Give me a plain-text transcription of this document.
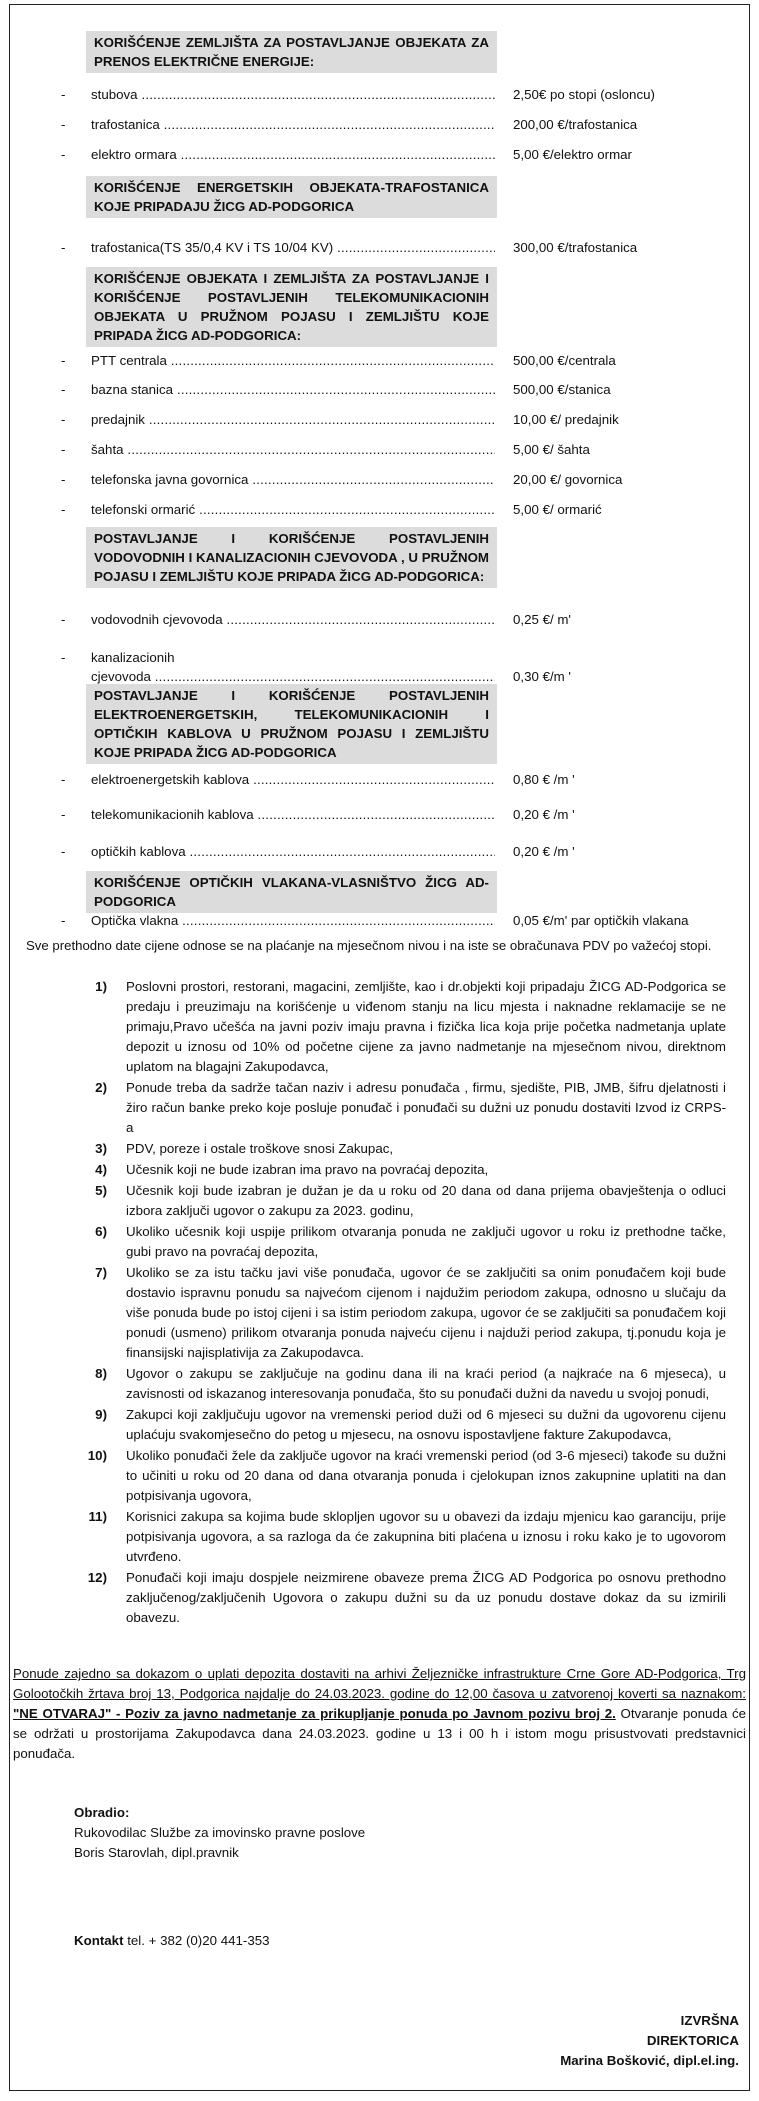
KORIŠĆENJE ZEMLJIŠTA ZA POSTAVLJANJE OBJEKATA ZA PRENOS ELEKTRIČNE ENERGIJE:
- stubova .....	2,50€ po stopi (osloncu)
- trafostanica .....	200,00 €/trafostanica
- elektro ormara .....	5,00 €/elektro ormar
KORIŠĆENJE ENERGETSKIH OBJEKATA-TRAFOSTANICA KOJE PRIPADAJU ŽICG AD-PODGORICA
- trafostanica(TS 35/0,4 KV i TS 10/04 KV) .....	300,00 €/trafostanica
KORIŠĆENJE OBJEKATA I ZEMLJIŠTA ZA POSTAVLJANJE I KORIŠĆENJE POSTAVLJENIH TELEKOMUNIKACIONIH OBJEKATA U PRUŽNOM POJASU I ZEMLJIŠTU KOJE PRIPADA ŽICG AD-PODGORICA:
- PTT centrala .....	500,00 €/centrala
- bazna stanica .....	500,00 €/stanica
- predajnik .....	10,00 €/ predajnik
- šahta .....	5,00 €/ šahta
- telefonska javna govornica .....	20,00 €/ govornica
- telefonski ormarić .....	5,00 €/ ormarić
POSTAVLJANJE I KORIŠĆENJE POSTAVLJENIH VODOVODNIH I KANALIZACIONIH CJEVOVODA , U PRUŽNOM POJASU I ZEMLJIŠTU KOJE PRIPADA ŽICG AD-PODGORICA:
- vodovodnih cjevovoda .....	0,25 €/ m'
- kanalizacionih
cjevovoda .....	0,30 €/m '
POSTAVLJANJE I KORIŠĆENJE POSTAVLJENIH ELEKTROENERGETSKIH, TELEKOMUNIKACIONIH I OPTIČKIH KABLOVA U PRUŽNOM POJASU I ZEMLJIŠTU KOJE PRIPADA ŽICG AD-PODGORICA
- elektroenergetskih kablova .....	0,80 € /m '
- telekomunikacionih kablova .....	0,20 € /m '
- optičkih kablova .....	0,20 € /m '
KORIŠĆENJE OPTIČKIH VLAKANA-VLASNIŠTVO ŽICG AD-PODGORICA
- Optička vlakna .....	0,05 €/m' par optičkih vlakana
Sve prethodno date cijene odnose se na plaćanje na mjesečnom nivou i na iste se obračunava PDV po važećoj stopi.
1)	Poslovni prostori, restorani, magacini, zemljište, kao i dr.objekti koji pripadaju ŽICG AD-Podgorica se predaju i preuzimaju na korišćenje u viđenom stanju na licu mjesta i naknadne reklamacije se ne primaju,Pravo učešća na javni poziv imaju pravna i fizička lica koja prije početka nadmetanja uplate depozit u iznosu od 10% od početne cijene za javno nadmetanje na mjesečnom nivou, direktnom uplatom na blagajni Zakupodavca,
2)	Ponude treba da sadrže tačan naziv i adresu ponuđača , firmu, sjedište, PIB, JMB, šifru djelatnosti i žiro račun banke preko koje posluje ponuđač i ponuđači su dužni uz ponudu dostaviti Izvod iz CRPS-a
3)	PDV, poreze i ostale troškove snosi Zakupac,
4)	Učesnik koji ne bude izabran ima pravo na povraćaj depozita,
5)	Učesnik koji bude izabran je dužan je da u roku od 20 dana od dana prijema obavještenja o odluci izbora zaključi ugovor o zakupu za 2023. godinu,
6)	Ukoliko učesnik koji uspije prilikom otvaranja ponuda ne zaključi ugovor u roku iz prethodne tačke, gubi pravo na povraćaj depozita,
7)	Ukoliko se za istu tačku javi više ponuđača, ugovor će se zaključiti sa onim ponuđačem koji bude dostavio ispravnu ponudu sa najvećom cijenom i najdužim periodom zakupa, odnosno u slučaju da više ponuda bude po istoj cijeni i sa istim periodom zakupa, ugovor će se zaključiti sa ponuđačem koji ponudi (usmeno) prilikom otvaranja ponuda najveću cijenu i najduži period zakupa, tj.ponudu koja je finansijski najisplativija za Zakupodavca.
8)	Ugovor o zakupu se zaključuje na godinu dana ili na kraći period (a najkraće na 6 mjeseca), u zavisnosti od iskazanog interesovanja ponuđača, što su ponuđači dužni da navedu u svojoj ponudi,
9)	Zakupci koji zaključuju ugovor na vremenski period duži od 6 mjeseci su dužni da ugovorenu cijenu uplaćuju svakomjesečno do petog u mjesecu, na osnovu ispostavljene fakture Zakupodavca,
10)	Ukoliko ponuđači žele da zaključe ugovor na kraći vremenski period (od 3-6 mjeseci) takođe su dužni to učiniti u roku od 20 dana od dana otvaranja ponuda i cjelokupan iznos zakupnine uplatiti na dan potpisivanja ugovora,
11)	Korisnici zakupa sa kojima bude skloplјen ugovor su u obavezi da izdaju mjenicu kao garanciju, prije potpisivanja ugovora, a sa razloga da će zakupnina biti plaćena u iznosu i roku kako je to ugovorom utvrđeno.
12)	Ponuđači koji imaju dospjele neizmirene obaveze prema ŽICG AD Podgorica po osnovu prethodno zaključenog/zaključenih Ugovora o zakupu dužni su da uz ponudu dostave dokaz da su izmirili obavezu.
Ponude zajedno sa dokazom o uplati depozita dostaviti na arhivi Željezničke infrastrukture Crne Gore AD-Podgorica, Trg Golootočkih žrtava broj 13, Podgorica najdalje do 24.03.2023. godine do 12,00 časova u zatvorenoj koverti sa naznakom: "NE OTVARAJ" - Poziv za javno nadmetanje za prikupljanje ponuda po Javnom pozivu broj 2. Otvaranje ponuda će se održati u prostorijama Zakupodavca dana 24.03.2023. godine u 13 i 00 h i istom mogu prisustvovati predstavnici ponuđača.
Obradio:
Rukovodilac Službe za imovinsko pravne poslove
Boris Starovlah, dipl.pravnik
Kontakt tel. + 382 (0)20 441-353
IZVRŠNA
DIREKTORICA
Marina Bošković, dipl.el.ing.
